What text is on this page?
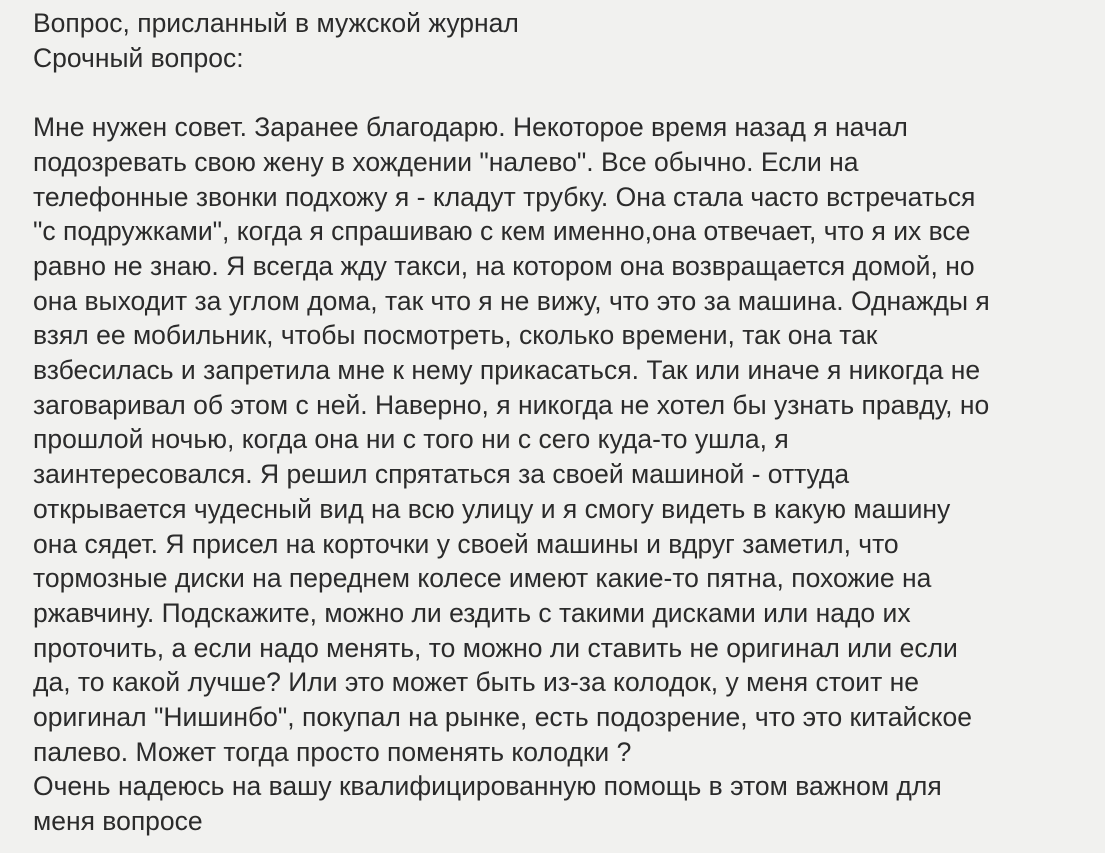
Вопрос, присланный в мужской журнал
Срочный вопрос:
Мне нужен совет. Заранее благодарю. Некоторое время назад я начал
подозревать свою жену в хождении "налево". Все обычно. Если на
телефонные звонки подхожу я - кладут трубку. Она стала часто встречаться
"с подружками", когда я спрашиваю с кем именно,она отвечает, что я их все
равно не знаю. Я всегда жду такси, на котором она возвращается домой, но
она выходит за углом дома, так что я не вижу, что это за машина. Однажды я
взял ее мобильник, чтобы посмотреть, сколько времени, так она так
взбесилась и запретила мне к нему прикасаться. Так или иначе я никогда не
заговаривал об этом с ней. Наверно, я никогда не хотел бы узнать правду, но
прошлой ночью, когда она ни с того ни с сего куда-то ушла, я
заинтересовался. Я решил спрятаться за своей машиной - оттуда
открывается чудесный вид на всю улицу и я смогу видеть в какую машину
она сядет. Я присел на корточки у своей машины и вдруг заметил, что
тормозные диски на переднем колесе имеют какие-то пятна, похожие на
ржавчину. Подскажите, можно ли ездить с такими дисками или надо их
проточить, а если надо менять, то можно ли ставить не оригинал или если
да, то какой лучше? Или это может быть из-за колодок, у меня стоит не
оригинал "Нишинбо", покупал на рынке, есть подозрение, что это китайское
палево. Может тогда просто поменять колодки ?
Очень надеюсь на вашу квалифицированную помощь в этом важном для
меня вопросе
